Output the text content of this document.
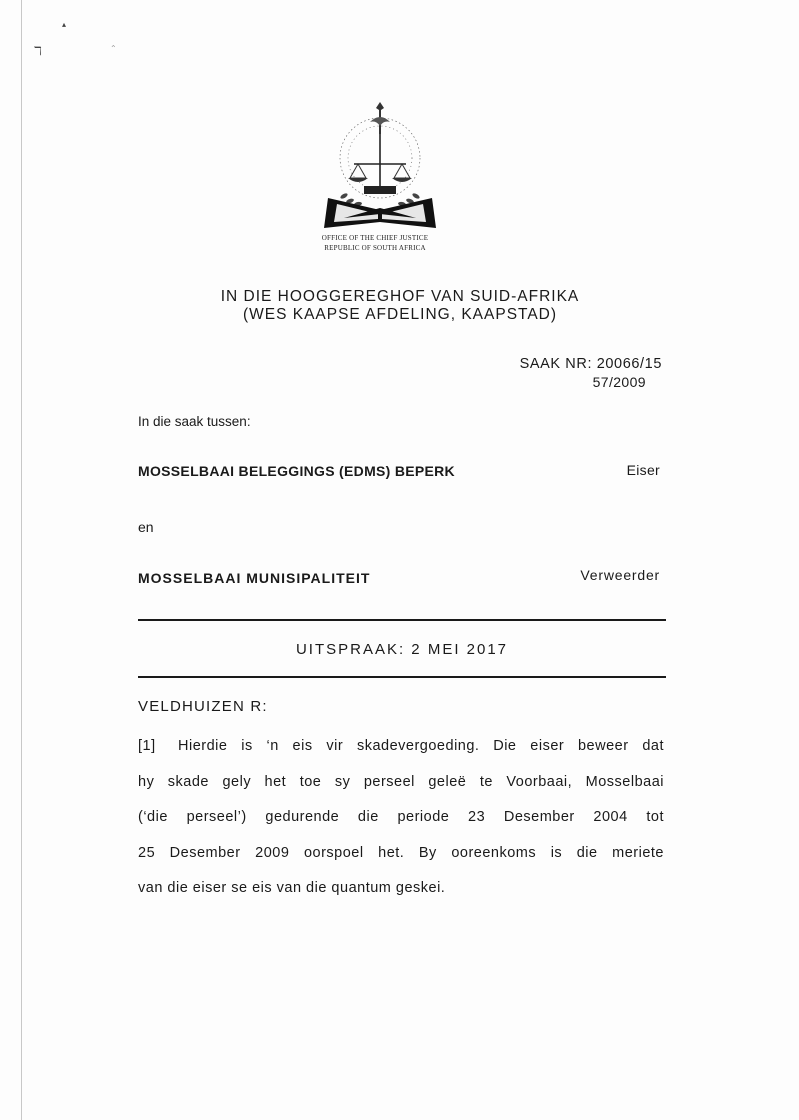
ℸ
▴
⌃
OFFICE OF THE CHIEF JUSTICE
REPUBLIC OF SOUTH AFRICA
IN DIE HOOGGEREGHOF VAN SUID-AFRIKA
(WES KAAPSE AFDELING, KAAPSTAD)
SAAK NR: 20066/15
57/2009
In die saak tussen:
MOSSELBAAI BELEGGINGS (EDMS) BEPERK	Eiser
en
MOSSELBAAI MUNISIPALITEIT	Verweerder
UITSPRAAK: 2 MEI 2017
VELDHUIZEN R:
[1] Hierdie is ‘n eis vir skadevergoeding. Die eiser beweer dat
hy skade gely het toe sy perseel geleë te Voorbaai, Mosselbaai
(‘die perseel’) gedurende die periode 23 Desember 2004 tot
25 Desember 2009 oorspoel het. By ooreenkoms is die meriete
van die eiser se eis van die quantum geskei.
